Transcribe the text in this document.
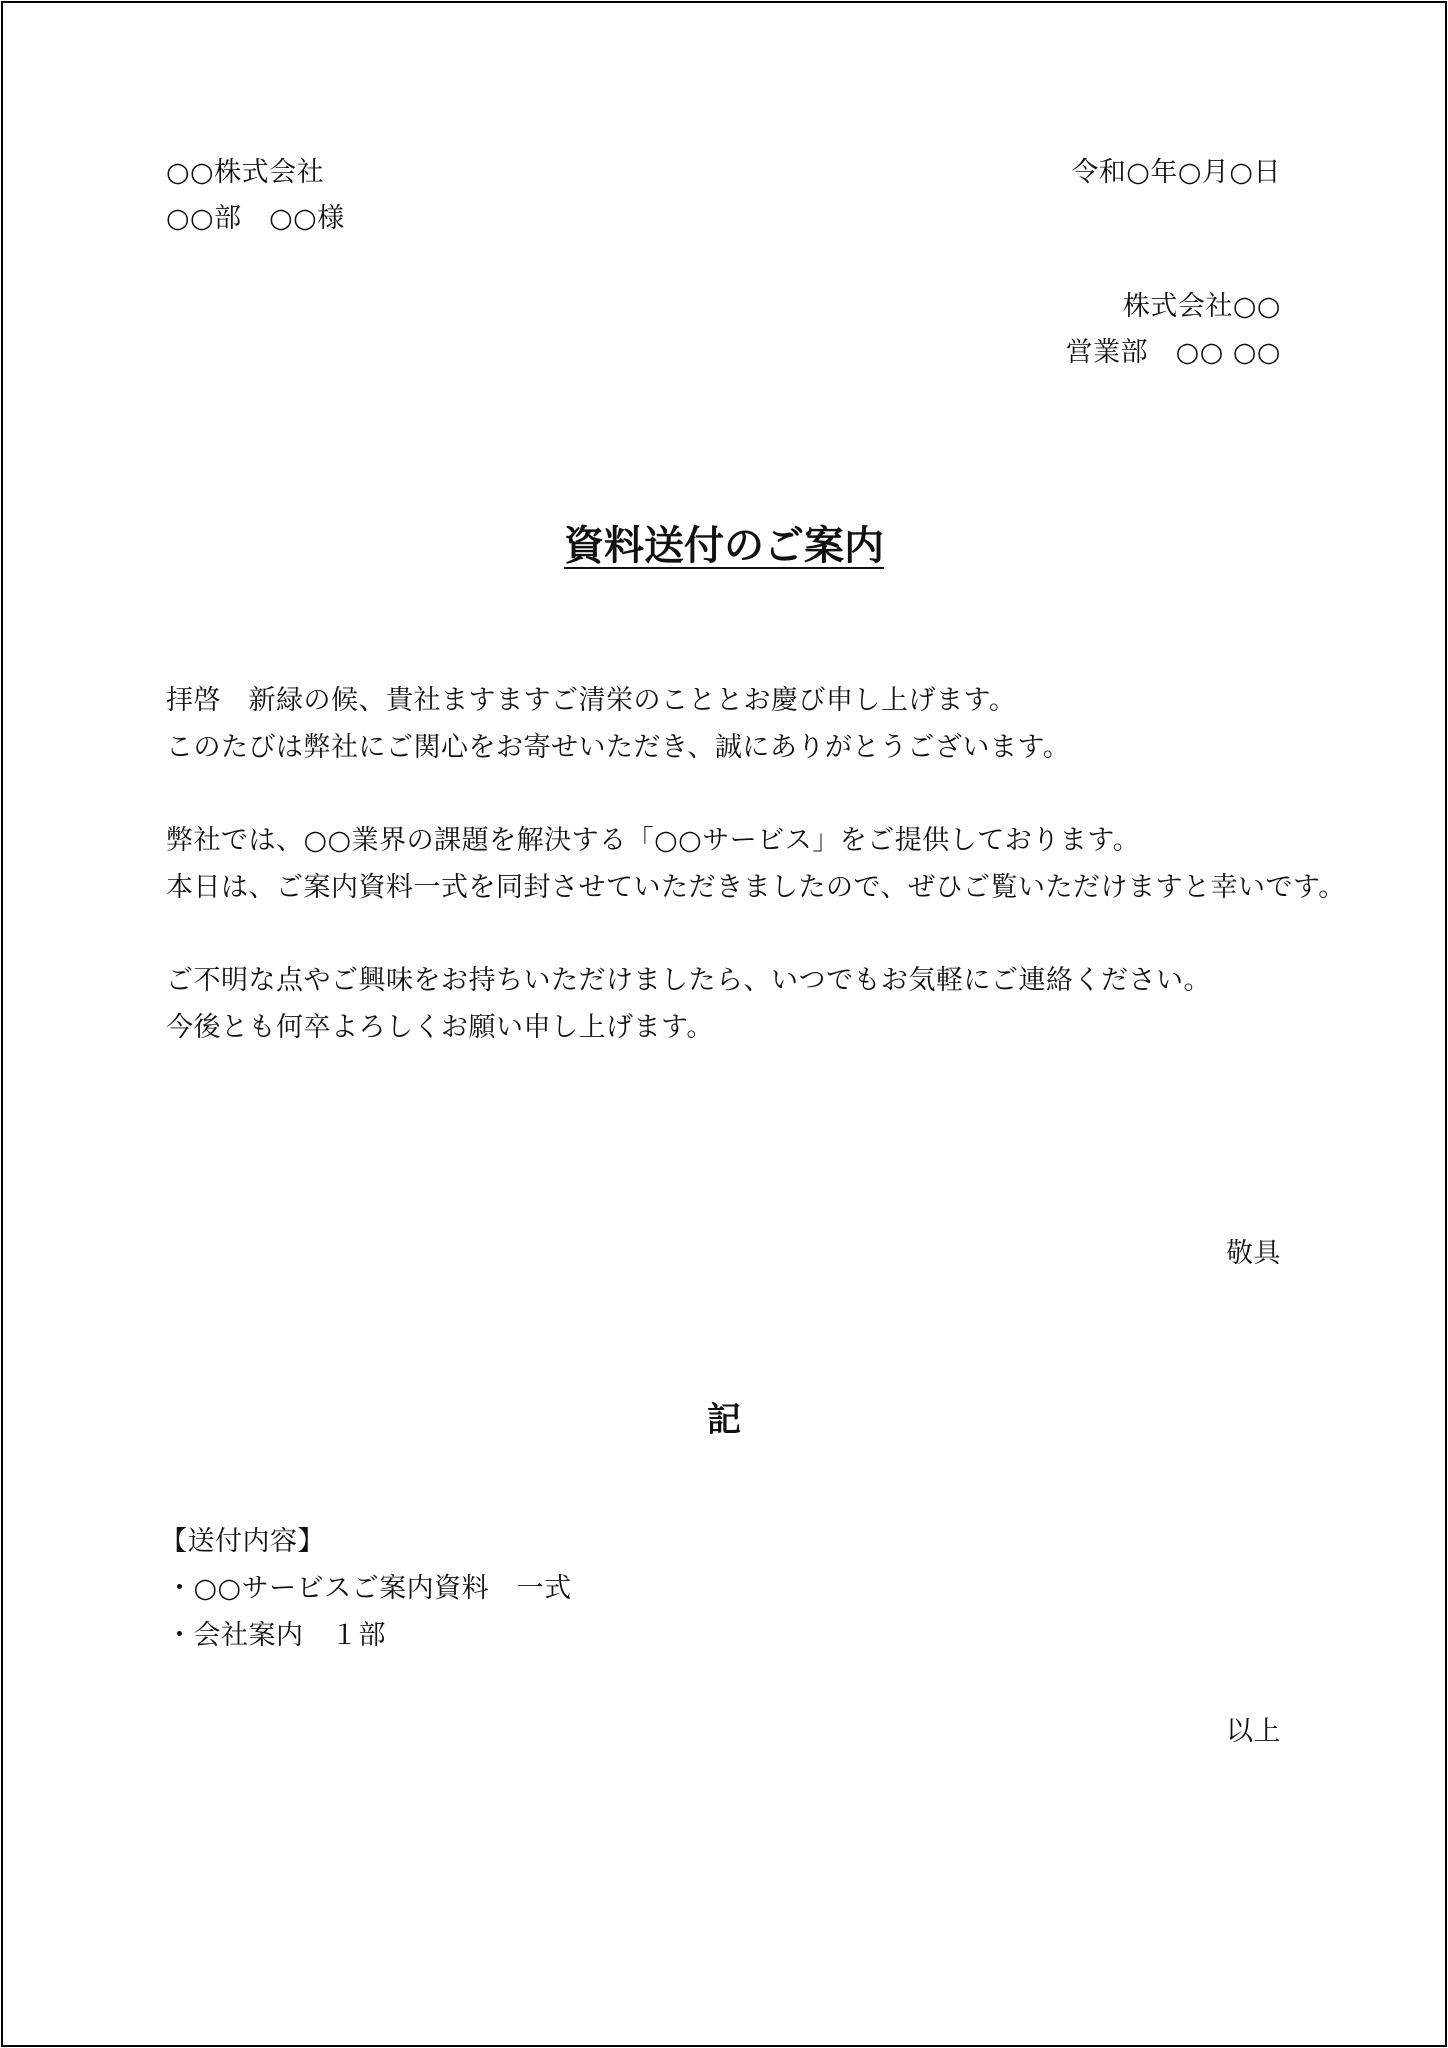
○○株式会社
○○部　○○様
令和○年○月○日
株式会社○○
営業部　○○ ○○
資料送付のご案内
拝啓　新緑の候、貴社ますますご清栄のこととお慶び申し上げます。
このたびは弊社にご関心をお寄せいただき、誠にありがとうございます。
弊社では、○○業界の課題を解決する「○○サービス」をご提供しております。
本日は、ご案内資料一式を同封させていただきましたので、ぜひご覧いただけますと幸いです。
ご不明な点やご興味をお持ちいただけましたら、いつでもお気軽にご連絡ください。
今後とも何卒よろしくお願い申し上げます。
敬具
記
【送付内容】
・○○サービスご案内資料　一式
・会社案内　１部
以上
